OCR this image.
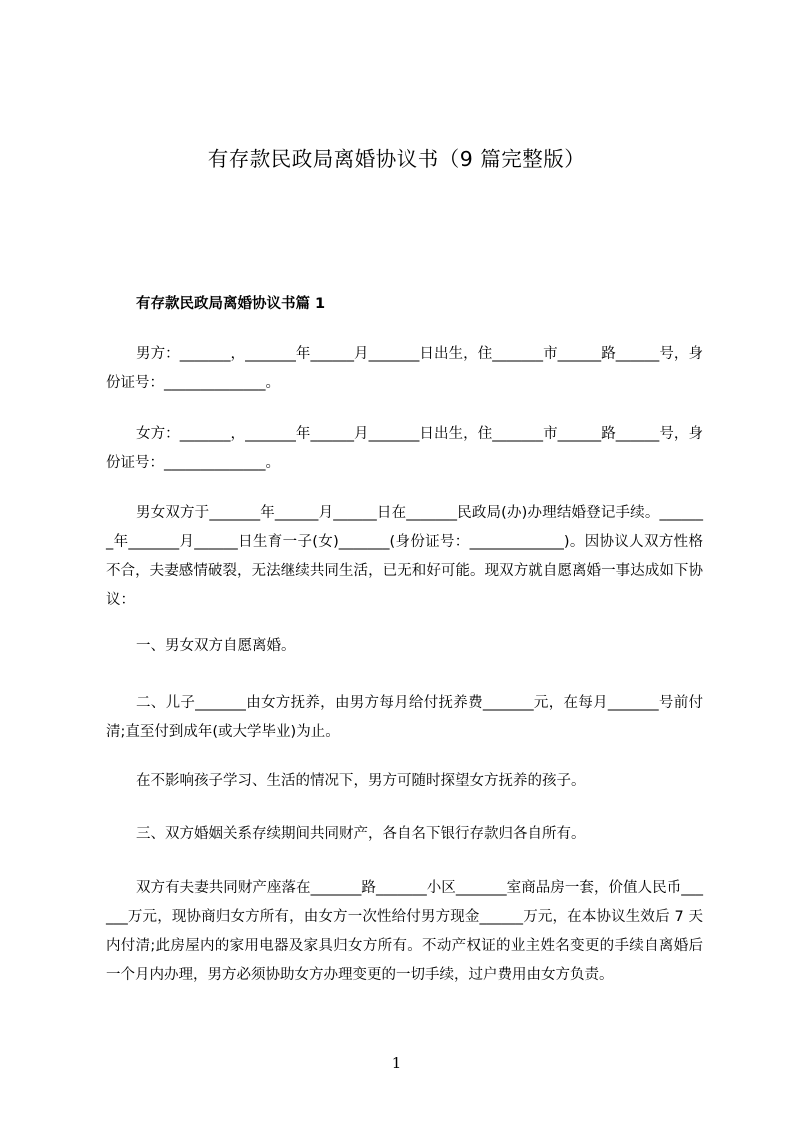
有存款民政局离婚协议书（9 篇完整版）
有存款民政局离婚协议书篇 1

男方：_______，_______年______月_______日出生，住_______市______路______号，身份证号：______________。

女方：_______，_______年______月_______日出生，住_______市______路______号，身份证号：______________。

男女双方于_______年______月______日在_______民政局(办)办理结婚登记手续。_______年_______月______日生育一子(女)_______(身份证号：_____________)。因协议人双方性格不合，夫妻感情破裂，无法继续共同生活，已无和好可能。现双方就自愿离婚一事达成如下协议：

一、男女双方自愿离婚。

二、儿子_______由女方抚养，由男方每月给付抚养费_______元，在每月_______号前付清;直至付到成年(或大学毕业)为止。

在不影响孩子学习、生活的情况下，男方可随时探望女方抚养的孩子。

三、双方婚姻关系存续期间共同财产，各自名下银行存款归各自所有。

双方有夫妻共同财产座落在_______路_______小区_______室商品房一套，价值人民币______万元，现协商归女方所有，由女方一次性给付男方现金______万元，在本协议生效后 7 天内付清;此房屋内的家用电器及家具归女方所有。不动产权证的业主姓名变更的手续自离婚后一个月内办理，男方必须协助女方办理变更的一切手续，过户费用由女方负责。

1
